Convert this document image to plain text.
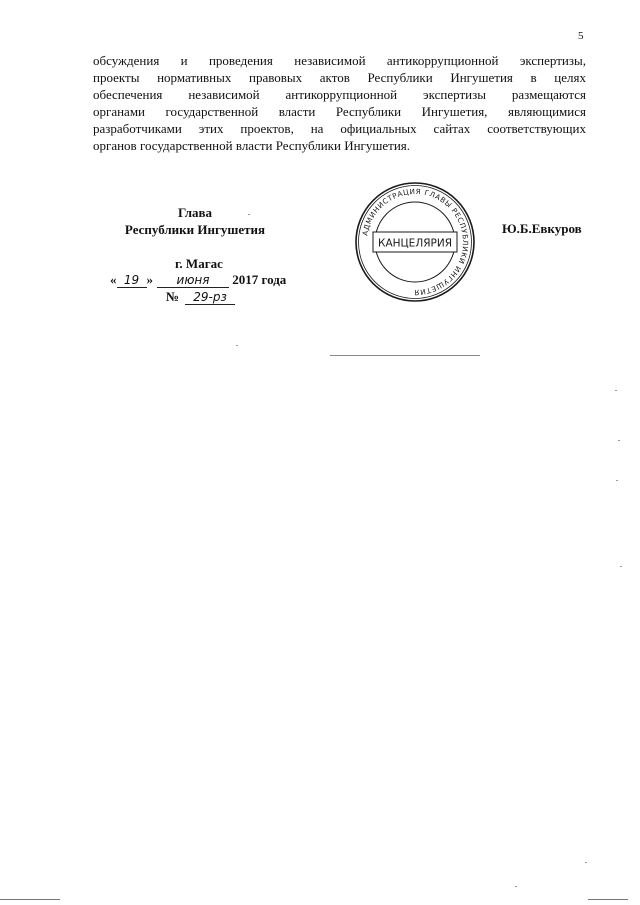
5

обсуждения и проведения независимой антикоррупционной экспертизы,
проекты нормативных правовых актов Республики Ингушетия в целях
обеспечения независимой антикоррупционной экспертизы размещаются
органами государственной власти Республики Ингушетия, являющимися
разработчиками этих проектов, на официальных сайтах соответствующих
органов государственной власти Республики Ингушетия.

Глава
Республики Ингушетия	АДМИНИСТРАЦИЯ ГЛАВЫ РЕСПУБЛИКИ ИНГУШЕТИЯ
КАНЦЕЛЯРИЯ
Ю.Б.Евкуров
г. Магас
« 19 » июня 2017 года
№ 29-рз
